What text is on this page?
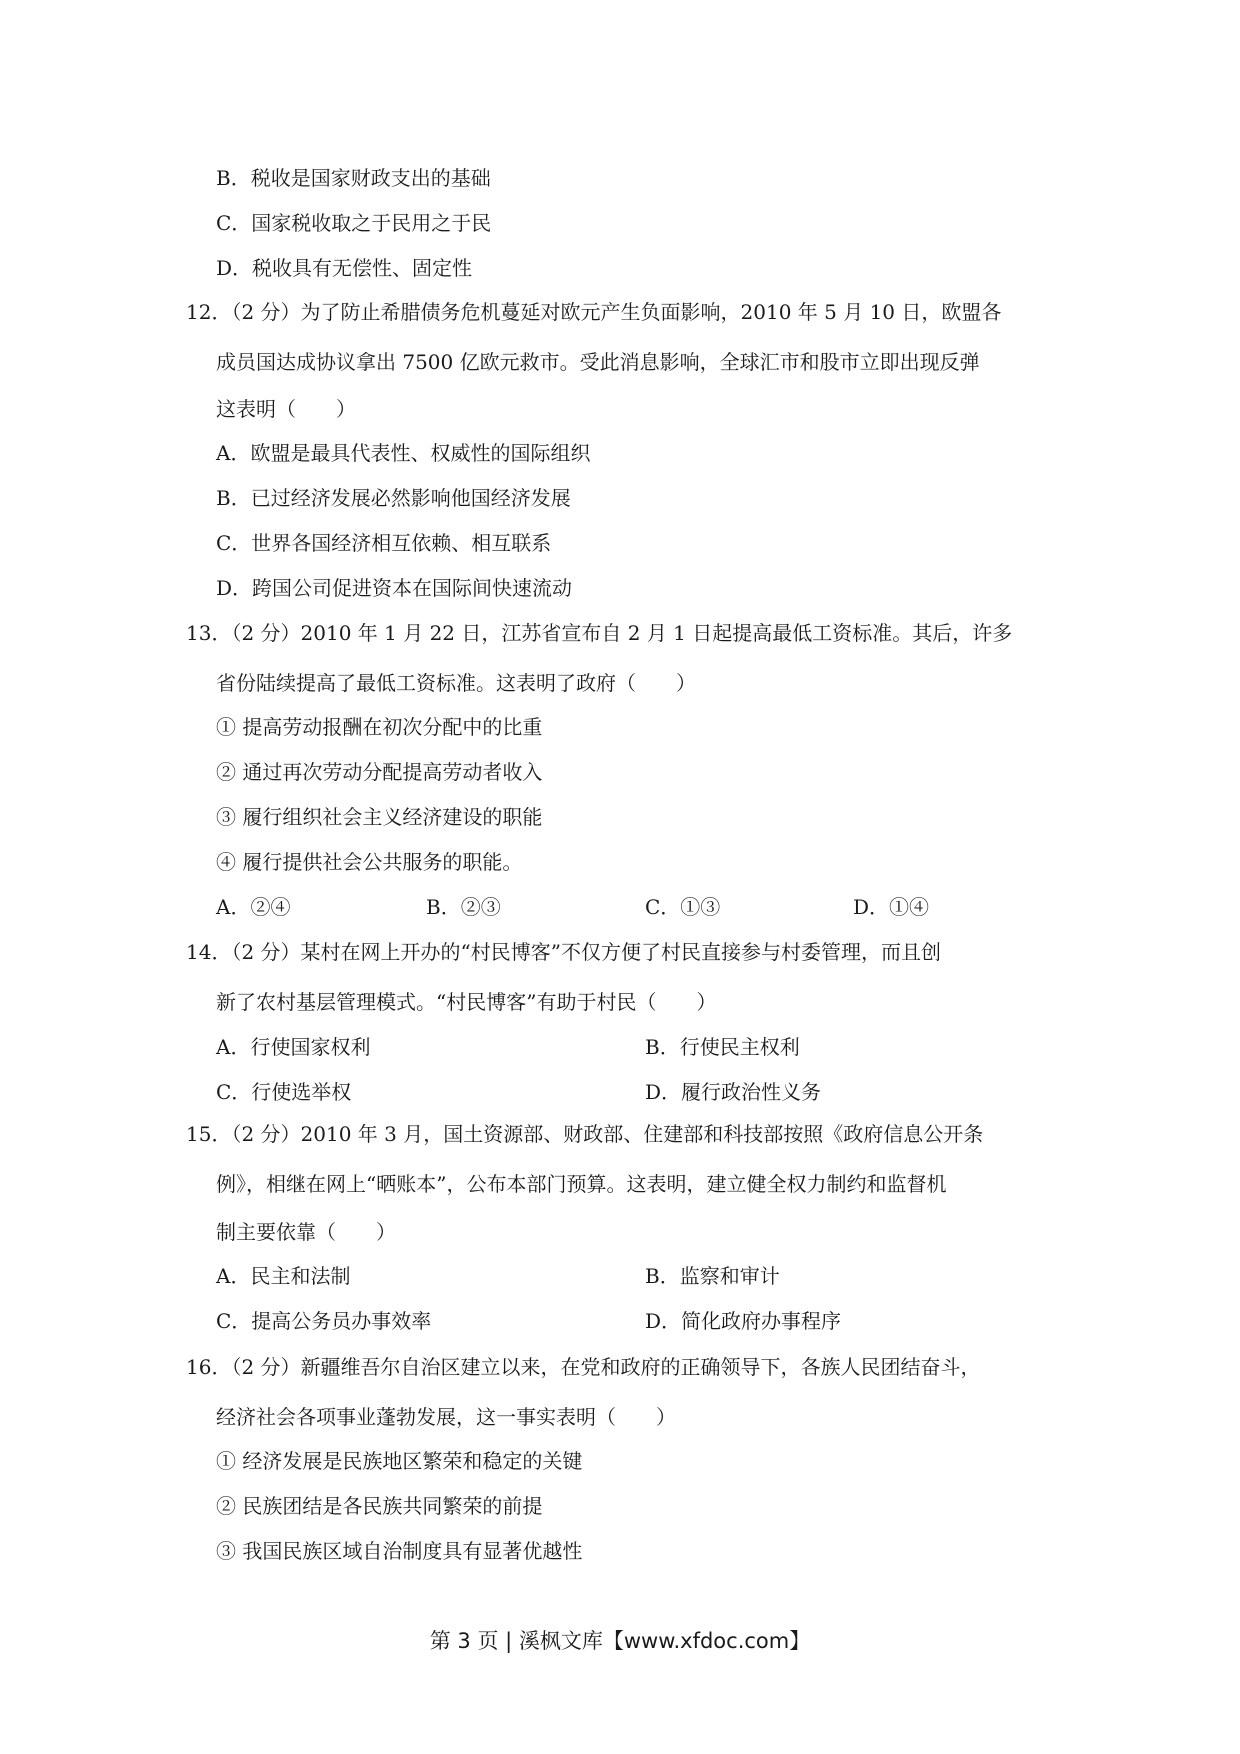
B．税收是国家财政支出的基础
C．国家税收取之于民用之于民
D．税收具有无偿性、固定性
12．（2 分）为了防止希腊债务危机蔓延对欧元产生负面影响，2010 年 5 月 10 日，欧盟各
成员国达成协议拿出 7500 亿欧元救市。受此消息影响，全球汇市和股市立即出现反弹
这表明（　　）
A．欧盟是最具代表性、权威性的国际组织
B．已过经济发展必然影响他国经济发展
C．世界各国经济相互依赖、相互联系
D．跨国公司促进资本在国际间快速流动
13．（2 分）2010 年 1 月 22 日，江苏省宣布自 2 月 1 日起提高最低工资标准。其后，许多
省份陆续提高了最低工资标准。这表明了政府（　　）
① 提高劳动报酬在初次分配中的比重
② 通过再次劳动分配提高劳动者收入
③ 履行组织社会主义经济建设的职能
④ 履行提供社会公共服务的职能。
A．②④	B．②③	C．①③	D．①④
14．（2 分）某村在网上开办的“村民博客”不仅方便了村民直接参与村委管理，而且创
新了农村基层管理模式。“村民博客”有助于村民（　　）
A．行使国家权利	B．行使民主权利
C．行使选举权	D．履行政治性义务
15．（2 分）2010 年 3 月，国土资源部、财政部、住建部和科技部按照《政府信息公开条
例》，相继在网上“晒账本”，公布本部门预算。这表明，建立健全权力制约和监督机
制主要依靠（　　）
A．民主和法制	B．监察和审计
C．提高公务员办事效率	D．简化政府办事程序
16．（2 分）新疆维吾尔自治区建立以来，在党和政府的正确领导下，各族人民团结奋斗，
经济社会各项事业蓬勃发展，这一事实表明（　　）
① 经济发展是民族地区繁荣和稳定的关键
② 民族团结是各民族共同繁荣的前提
③ 我国民族区域自治制度具有显著优越性
第 3 页 | 溪枫文库【www.xfdoc.com】
